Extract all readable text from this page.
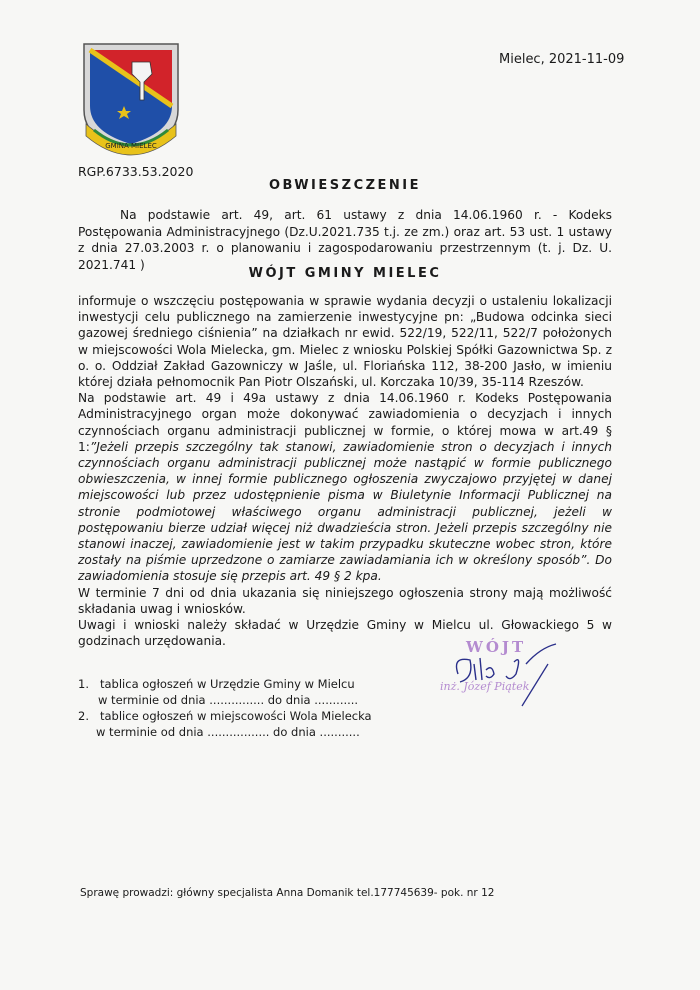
GMINA MIELEC
Mielec, 2021-11-09
RGP.6733.53.2020
OBWIESZCZENIE
Na podstawie art. 49, art. 61 ustawy z dnia 14.06.1960 r. - Kodeks Postępowania Administracyjnego (Dz.U.2021.735 t.j. ze zm.) oraz art. 53 ust. 1 ustawy z dnia 27.03.2003 r. o planowaniu i zagospodarowaniu przestrzennym (t. j. Dz. U. 2021.741 )
WÓJT GMINY MIELEC

informuje o wszczęciu postępowania w sprawie wydania decyzji o ustaleniu lokalizacji inwestycji celu publicznego na zamierzenie inwestycyjne pn: „Budowa odcinka sieci gazowej średniego ciśnienia” na działkach nr ewid. 522/19, 522/11, 522/7 położonych w miejscowości Wola Mielecka, gm. Mielec z wniosku Polskiej Spółki Gazownictwa Sp. z o. o. Oddział Zakład Gazowniczy w Jaśle, ul. Floriańska 112, 38-200 Jasło, w imieniu której działa pełnomocnik Pan Piotr Olszański, ul. Korczaka 10/39, 35-114 Rzeszów.

Na podstawie art. 49 i 49a ustawy z dnia 14.06.1960 r. Kodeks Postępowania Administracyjnego organ może dokonywać zawiadomienia o decyzjach i innych czynnościach organu administracji publicznej w formie, o której mowa w art.49 § 1:”Jeżeli przepis szczególny tak stanowi, zawiadomienie stron o decyzjach i innych czynnościach organu administracji publicznej może nastąpić w formie publicznego obwieszczenia, w innej formie publicznego ogłoszenia zwyczajowo przyjętej w danej miejscowości lub przez udostępnienie pisma w Biuletynie Informacji Publicznej na stronie podmiotowej właściwego organu administracji publicznej, jeżeli w postępowaniu bierze udział więcej niż dwadzieścia stron. Jeżeli przepis szczególny nie stanowi inaczej, zawiadomienie jest w takim przypadku skuteczne wobec stron, które zostały na piśmie uprzedzone o zamiarze zawiadamiania ich w określony sposób”. Do zawiadomienia stosuje się przepis art. 49 § 2 kpa.

W terminie 7 dni od dnia ukazania się niniejszego ogłoszenia strony mają możliwość składania uwag i wniosków.

Uwagi i wnioski należy składać w Urzędzie Gminy w Mielcu ul. Głowackiego 5 w godzinach urzędowania.	WÓJT
inż. Józef Piątek
1. tablica ogłoszeń w Urzędzie Gminy w Mielcu
w terminie od dnia ............... do dnia ............
2. tablice ogłoszeń w miejscowości Wola Mielecka
w terminie od dnia ................. do dnia ...........
Sprawę prowadzi: główny specjalista Anna Domanik tel.177745639- pok. nr 12
